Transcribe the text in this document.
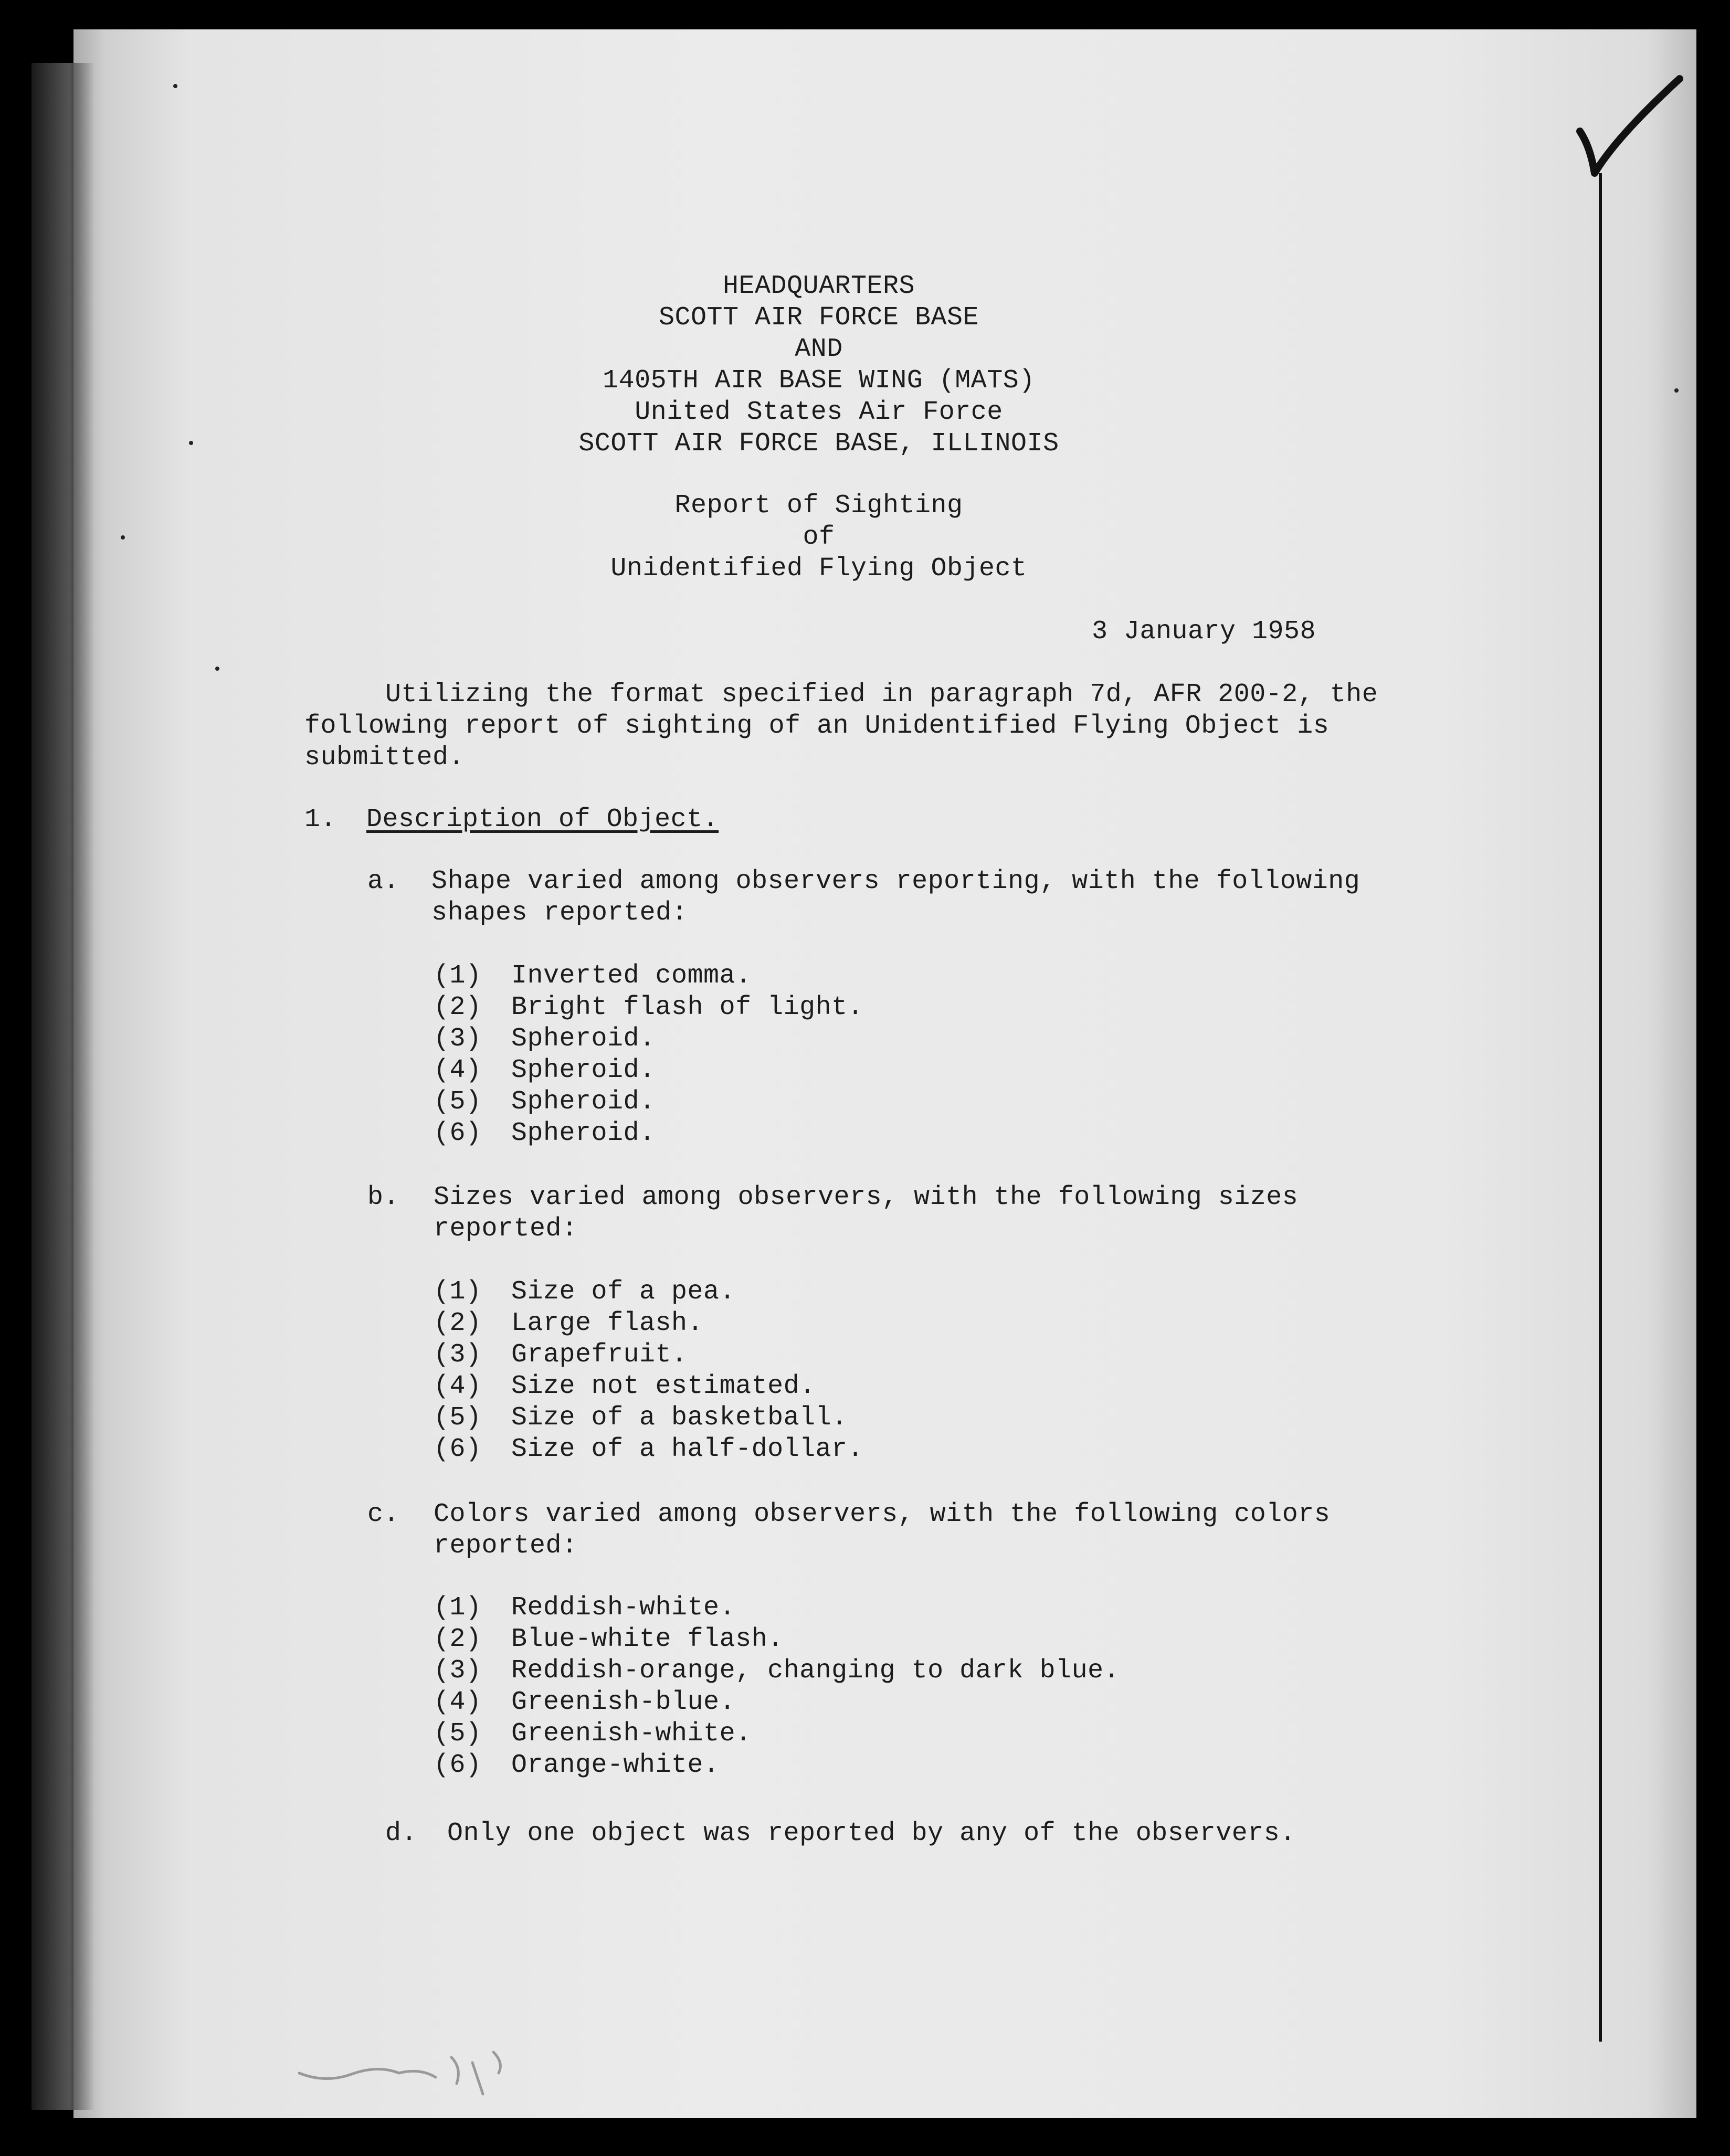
HEADQUARTERS
SCOTT AIR FORCE BASE
AND
1405TH AIR BASE WING (MATS)
United States Air Force
SCOTT AIR FORCE BASE, ILLINOIS
Report of Sighting
of
Unidentified Flying Object
3 January 1958
Utilizing the format specified in paragraph 7d, AFR 200-2, the
following report of sighting of an Unidentified Flying Object is
submitted.
1. Description of Object.
a. Shape varied among observers reporting, with the following
shapes reported:
(1) Inverted comma.
(2) Bright flash of light.
(3) Spheroid.
(4) Spheroid.
(5) Spheroid.
(6) Spheroid.
b. Sizes varied among observers, with the following sizes
reported:
(1) Size of a pea.
(2) Large flash.
(3) Grapefruit.
(4) Size not estimated.
(5) Size of a basketball.
(6) Size of a half-dollar.
c. Colors varied among observers, with the following colors
reported:
(1) Reddish-white.
(2) Blue-white flash.
(3) Reddish-orange, changing to dark blue.
(4) Greenish-blue.
(5) Greenish-white.
(6) Orange-white.
d. Only one object was reported by any of the observers.
